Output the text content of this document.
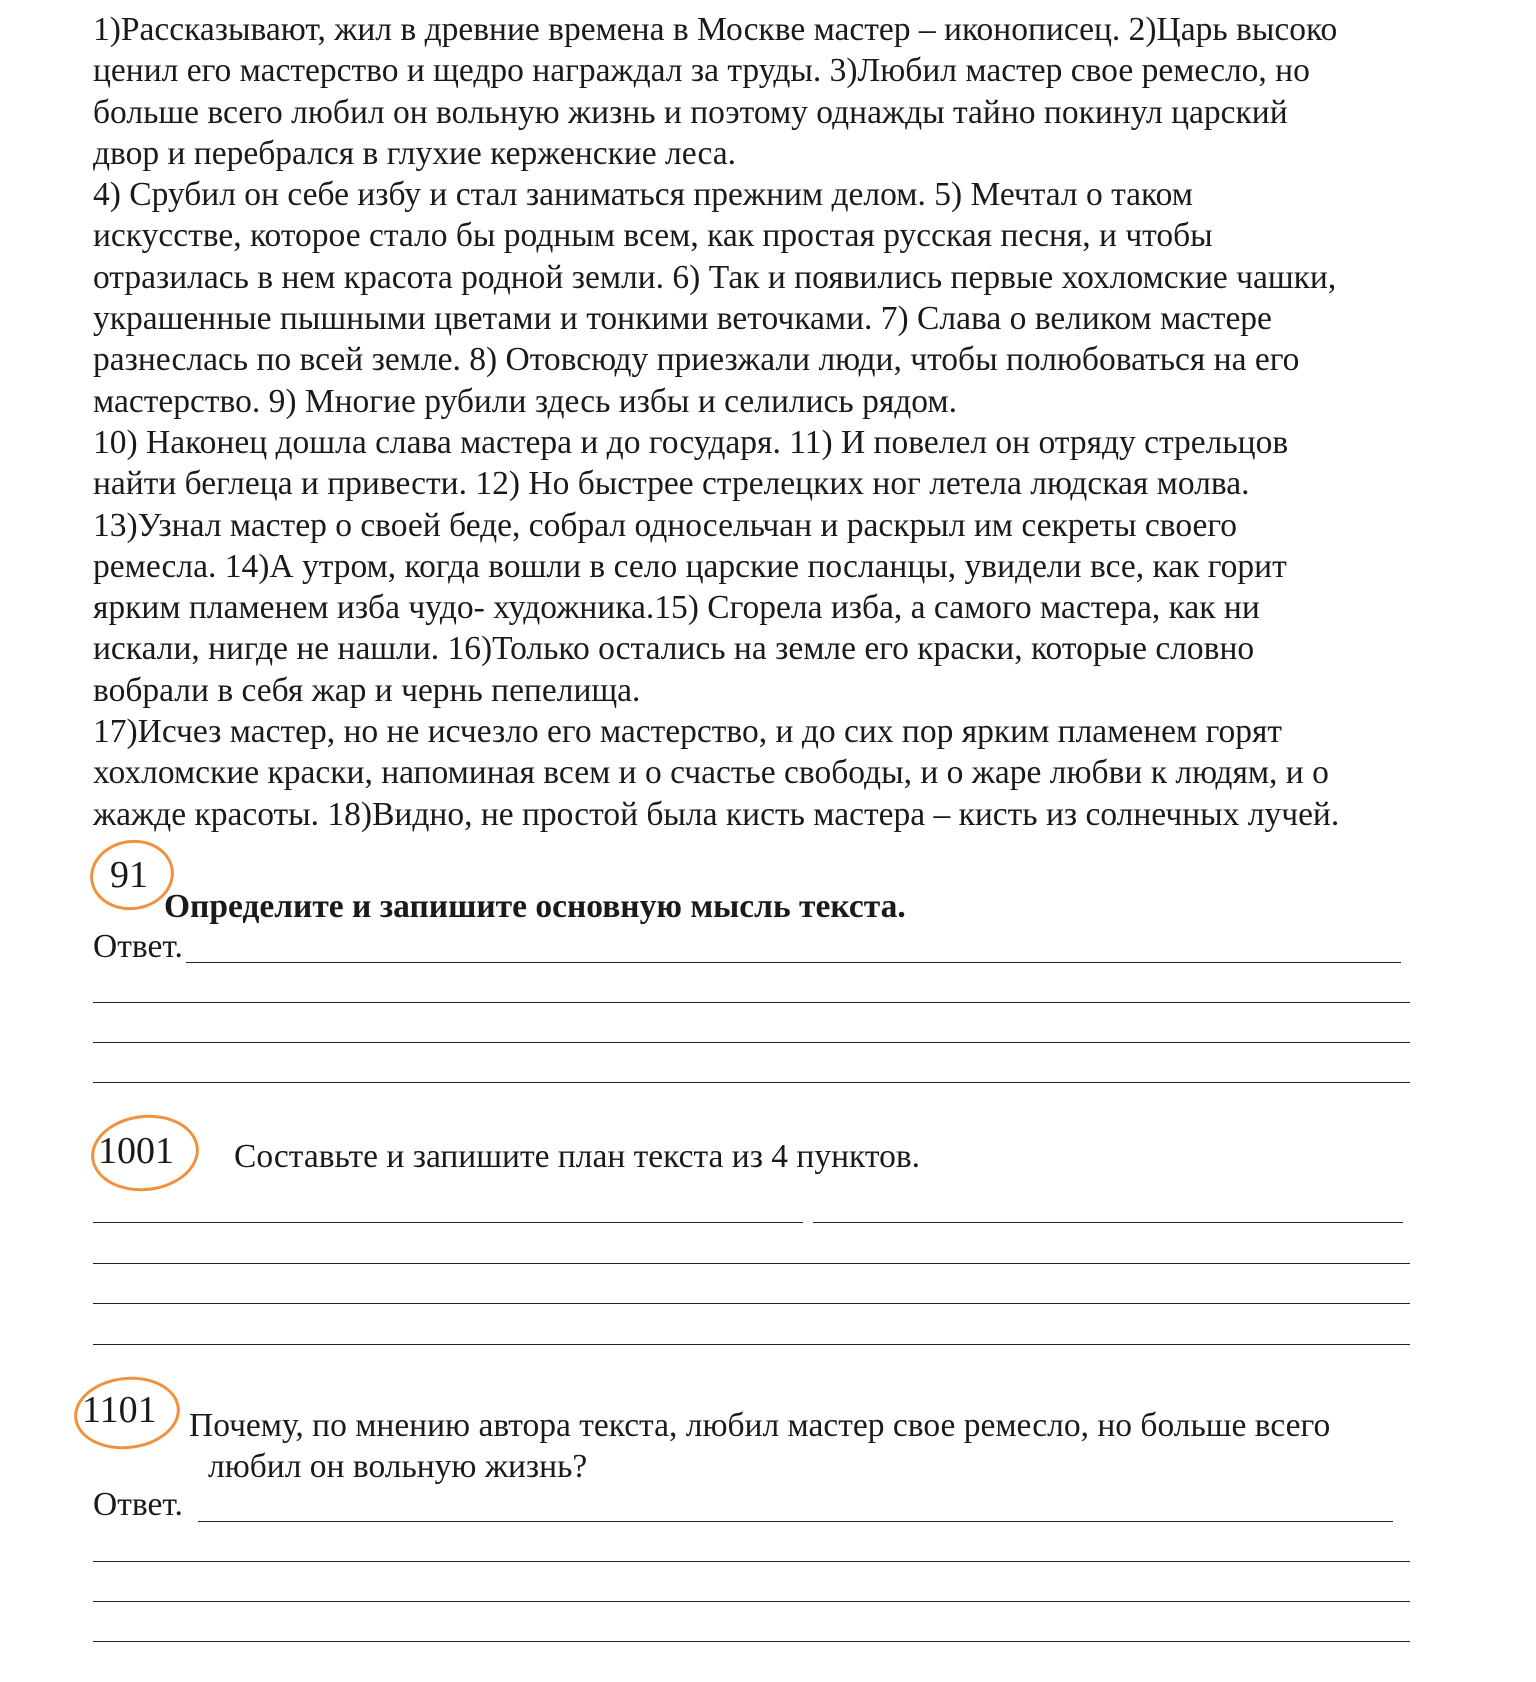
1)Рассказывают, жил в древние времена в Москве мастер – иконописец. 2)Царь высоко
ценил его мастерство и щедро награждал за труды. 3)Любил мастер свое ремесло, но
больше всего любил он вольную жизнь и поэтому однажды тайно покинул царский
двор и перебрался в глухие керженские леса.
4) Срубил он себе избу и стал заниматься прежним делом. 5) Мечтал о таком
искусстве, которое стало бы родным всем, как простая русская песня, и чтобы
отразилась в нем красота родной земли. 6) Так и появились первые хохломские чашки,
украшенные пышными цветами и тонкими веточками. 7) Слава о великом мастере
разнеслась по всей земле. 8) Отовсюду приезжали люди, чтобы полюбоваться на его
мастерство. 9) Многие рубили здесь избы и селились рядом.
10) Наконец дошла слава мастера и до государя. 11) И повелел он отряду стрельцов
найти беглеца и привести. 12) Но быстрее стрелецких ног летела людская молва.
13)Узнал мастер о своей беде, собрал односельчан и раскрыл им секреты своего
ремесла. 14)А утром, когда вошли в село царские посланцы, увидели все, как горит
ярким пламенем изба чудо- художника.15) Сгорела изба, а самого мастера, как ни
искали, нигде не нашли. 16)Только остались на земле его краски, которые словно
вобрали в себя жар и чернь пепелища.
17)Исчез мастер, но не исчезло его мастерство, и до сих пор ярким пламенем горят
хохломские краски, напоминая всем и о счастье свободы, и о жаре любви к людям, и о
жажде красоты. 18)Видно, не простой была кисть мастера – кисть из солнечных лучей.
91
Определите и запишите основную мысль текста.
Ответ.
1001 Составьте и запишите план текста из 4 пунктов.
1101 Почему, по мнению автора текста, любил мастер свое ремесло, но больше всего
любил он вольную жизнь?
Ответ.
